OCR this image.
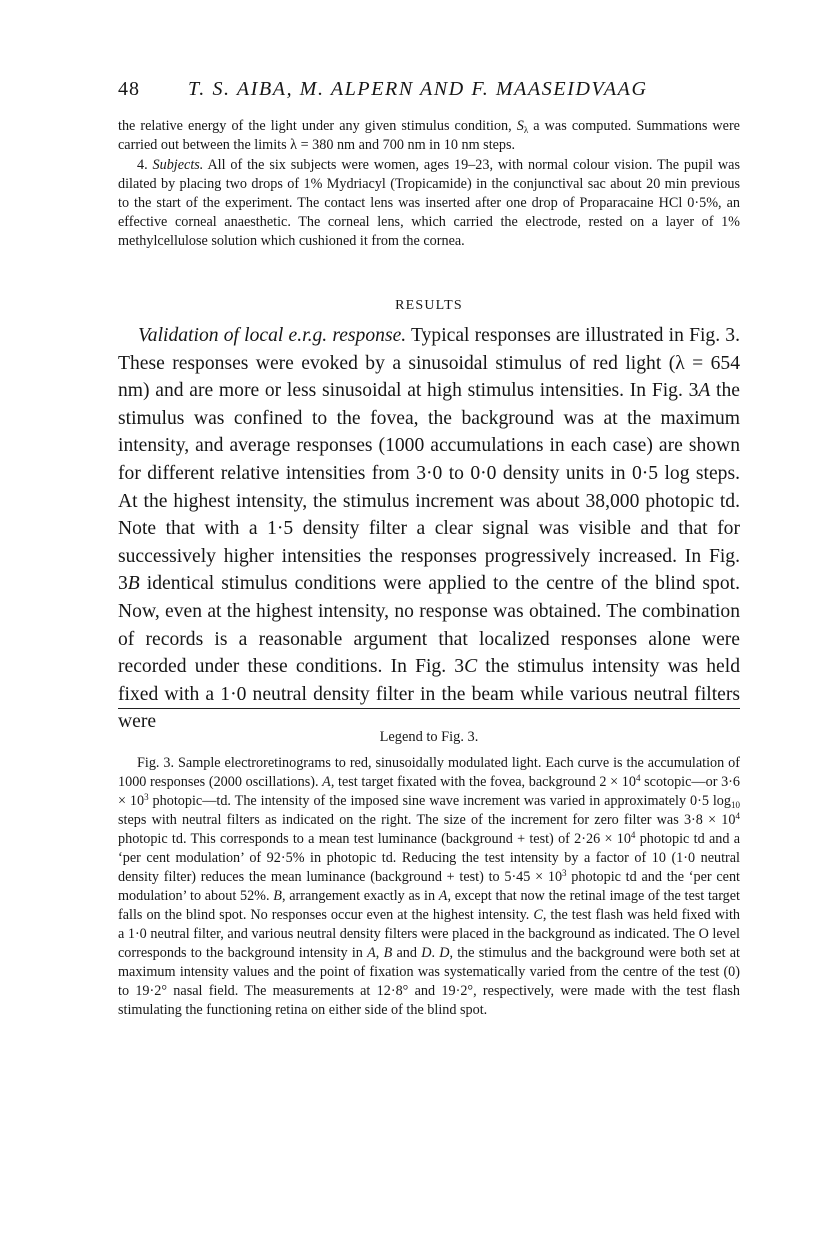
48 T. S. AIBA, M. ALPERN AND F. MAASEIDVAAG

the relative energy of the light under any given stimulus condition, $S_\lambda$ a was computed. Summations were carried out between the limits λ = 380 nm and 700 nm in 10 nm steps.

4. Subjects. All of the six subjects were women, ages 19–23, with normal colour vision. The pupil was dilated by placing two drops of 1% Mydriacyl (Tropicamide) in the conjunctival sac about 20 min previous to the start of the experiment. The contact lens was inserted after one drop of Proparacaine HCl 0·5%, an effective corneal anaesthetic. The corneal lens, which carried the electrode, rested on a layer of 1% methylcellulose solution which cushioned it from the cornea.

RESULTS

Validation of local e.r.g. response. Typical responses are illustrated in Fig. 3. These responses were evoked by a sinusoidal stimulus of red light (λ = 654 nm) and are more or less sinusoidal at high stimulus intensities. In Fig. 3A the stimulus was confined to the fovea, the background was at the maximum intensity, and average responses (1000 accumulations in each case) are shown for different relative intensities from 3·0 to 0·0 density units in 0·5 log steps. At the highest intensity, the stimulus increment was about 38,000 photopic td. Note that with a 1·5 density filter a clear signal was visible and that for successively higher intensities the responses progressively increased. In Fig. 3B identical stimulus conditions were applied to the centre of the blind spot. Now, even at the highest intensity, no response was obtained. The combination of records is a reasonable argument that localized responses alone were recorded under these conditions. In Fig. 3C the stimulus intensity was held fixed with a 1·0 neutral density filter in the beam while various neutral filters were

Legend to Fig. 3.

Fig. 3. Sample electroretinograms to red, sinusoidally modulated light. Each curve is the accumulation of 1000 responses (2000 oscillations). A, test target fixated with the fovea, background $2 \times 10^4$ scotopic—or $3\cdot 6 \times 10^3$ photopic—td. The intensity of the imposed sine wave increment was varied in approximately 0·5 $\log_{10}$ steps with neutral filters as indicated on the right. The size of the increment for zero filter was $3\cdot 8 \times 10^4$ photopic td. This corresponds to a mean test luminance (background + test) of $2\cdot 26 \times 10^4$ photopic td and a ‘per cent modulation’ of 92·5% in photopic td. Reducing the test intensity by a factor of 10 (1·0 neutral density filter) reduces the mean luminance (background + test) to $5\cdot 45 \times 10^3$ photopic td and the ‘per cent modulation’ to about 52%. B, arrangement exactly as in A, except that now the retinal image of the test target falls on the blind spot. No responses occur even at the highest intensity. C, the test flash was held fixed with a 1·0 neutral filter, and various neutral density filters were placed in the background as indicated. The O level corresponds to the background intensity in A, B and D. D, the stimulus and the background were both set at maximum intensity values and the point of fixation was systematically varied from the centre of the test (0) to 19·2° nasal field. The measurements at 12·8° and 19·2°, respectively, were made with the test flash stimulating the functioning retina on either side of the blind spot.
